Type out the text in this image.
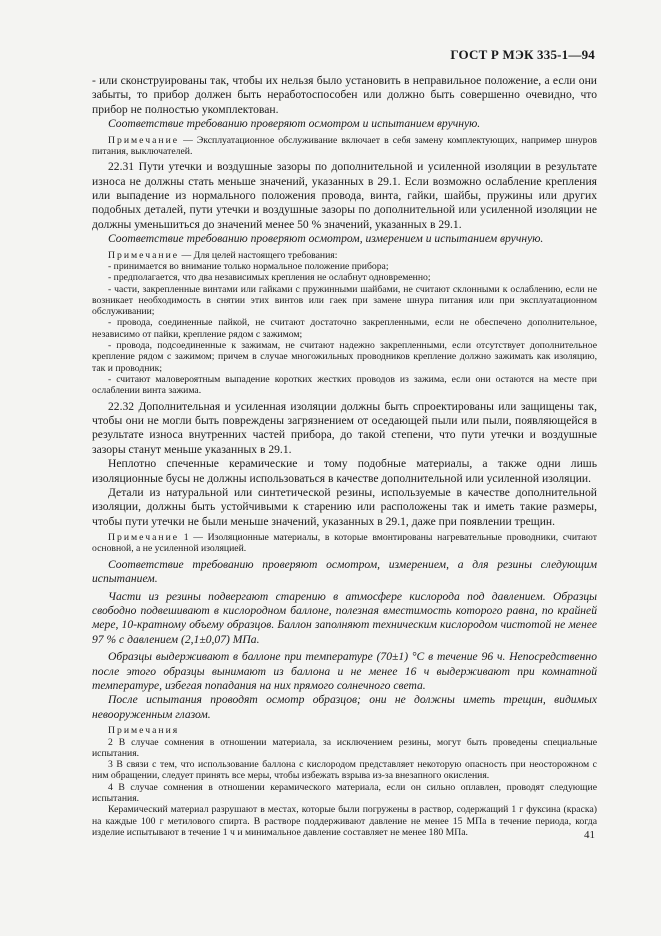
ГОСТ Р МЭК 335-1—94

- или сконструированы так, чтобы их нельзя было установить в неправильное положение, а если они забыты, то прибор должен быть неработоспособен или должно быть совершенно очевидно, что прибор не полностью укомплектован.

Соответствие требованию проверяют осмотром и испытанием вручную.

Примечание — Эксплуатационное обслуживание включает в себя замену комплектующих, например шнуров питания, выключателей.

22.31 Пути утечки и воздушные зазоры по дополнительной и усиленной изоляции в результате износа не должны стать меньше значений, указанных в 29.1. Если возможно ослабление крепления или выпадение из нормального положения провода, винта, гайки, шайбы, пружины или других подобных деталей, пути утечки и воздушные зазоры по дополнительной или усиленной изоляции не должны уменьшиться до значений менее 50 % значений, указанных в 29.1.

Соответствие требованию проверяют осмотром, измерением и испытанием вручную.

Примечание — Для целей настоящего требования:

- принимается во внимание только нормальное положение прибора;

- предполагается, что два независимых крепления не ослабнут одновременно;

- части, закрепленные винтами или гайками с пружинными шайбами, не считают склонными к ослаблению, если не возникает необходимость в снятии этих винтов или гаек при замене шнура питания или при эксплуатационном обслуживании;

- провода, соединенные пайкой, не считают достаточно закрепленными, если не обеспечено дополнительное, независимо от пайки, крепление рядом с зажимом;

- провода, подсоединенные к зажимам, не считают надежно закрепленными, если отсутствует дополнительное крепление рядом с зажимом; причем в случае многожильных проводников крепление должно зажимать как изоляцию, так и проводник;

- считают маловероятным выпадение коротких жестких проводов из зажима, если они остаются на месте при ослаблении винта зажима.

22.32 Дополнительная и усиленная изоляции должны быть спроектированы или защищены так, чтобы они не могли быть повреждены загрязнением от оседающей пыли или пыли, появляющейся в результате износа внутренних частей прибора, до такой степени, что пути утечки и воздушные зазоры станут меньше указанных в 29.1.

Неплотно спеченные керамические и тому подобные материалы, а также одни лишь изоляционные бусы не должны использоваться в качестве дополнительной или усиленной изоляции.

Детали из натуральной или синтетической резины, используемые в качестве дополнительной изоляции, должны быть устойчивыми к старению или расположены так и иметь такие размеры, чтобы пути утечки не были меньше значений, указанных в 29.1, даже при появлении трещин.

Примечание 1 — Изоляционные материалы, в которые вмонтированы нагревательные проводники, считают основной, а не усиленной изоляцией.

Соответствие требованию проверяют осмотром, измерением, а для резины следующим испытанием.

Части из резины подвергают старению в атмосфере кислорода под давлением. Образцы свободно подвешивают в кислородном баллоне, полезная вместимость которого равна, по крайней мере, 10-кратному объему образцов. Баллон заполняют техническим кислородом чистотой не менее 97 % с давлением (2,1±0,07) МПа.

Образцы выдерживают в баллоне при температуре (70±1) °С в течение 96 ч. Непосредственно после этого образцы вынимают из баллона и не менее 16 ч выдерживают при комнатной температуре, избегая попадания на них прямого солнечного света.

После испытания проводят осмотр образцов; они не должны иметь трещин, видимых невооруженным глазом.

Примечания

2 В случае сомнения в отношении материала, за исключением резины, могут быть проведены специальные испытания.

3 В связи с тем, что использование баллона с кислородом представляет некоторую опасность при неосторожном с ним обращении, следует принять все меры, чтобы избежать взрыва из-за внезапного окисления.

4 В случае сомнения в отношении керамического материала, если он сильно оплавлен, проводят следующие испытания.

Керамический материал разрушают в местах, которые были погружены в раствор, содержащий 1 г фуксина (краска) на каждые 100 г метилового спирта. В растворе поддерживают давление не менее 15 МПа в течение периода, когда изделие испытывают в течение 1 ч и минимальное давление составляет не менее 180 МПа.	41
